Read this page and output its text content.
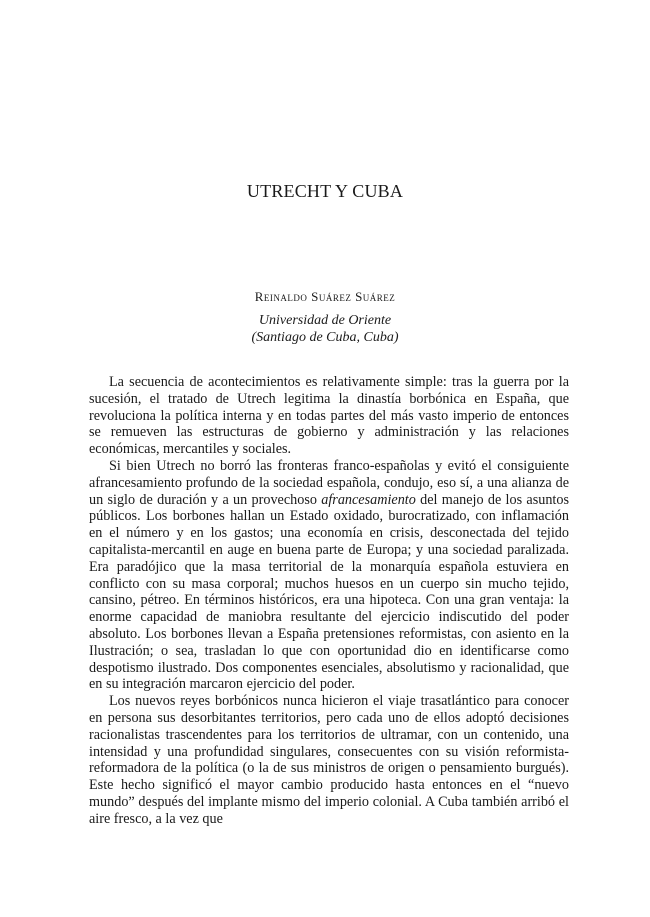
UTRECHT Y CUBA
Reinaldo Suárez Suárez
Universidad de Oriente
(Santiago de Cuba, Cuba)

La secuencia de acontecimientos es relativamente simple: tras la guerra por la sucesión, el tratado de Utrech legitima la dinastía borbónica en España, que revoluciona la política interna y en todas partes del más vasto imperio de entonces se remueven las estructuras de gobierno y administración y las relaciones económicas, mercantiles y sociales.

Si bien Utrech no borró las fronteras franco-españolas y evitó el consiguiente afrancesamiento profundo de la sociedad española, condujo, eso sí, a una alianza de un siglo de duración y a un provechoso afrancesamiento del manejo de los asuntos públicos. Los borbones hallan un Estado oxidado, burocratizado, con inflamación en el número y en los gastos; una economía en crisis, desconectada del tejido capitalista-mercantil en auge en buena parte de Europa; y una sociedad paralizada. Era paradójico que la masa territorial de la monarquía española estuviera en conflicto con su masa corporal; muchos huesos en un cuerpo sin mucho tejido, cansino, pétreo. En términos históricos, era una hipoteca. Con una gran ventaja: la enorme capacidad de maniobra resultante del ejercicio indiscutido del poder absoluto. Los borbones llevan a España pretensiones reformistas, con asiento en la Ilustración; o sea, trasladan lo que con oportunidad dio en identificarse como despotismo ilustrado. Dos componentes esenciales, absolutismo y racionalidad, que en su integración marcaron ejercicio del poder.

Los nuevos reyes borbónicos nunca hicieron el viaje trasatlántico para conocer en persona sus desorbitantes territorios, pero cada uno de ellos adoptó decisiones racionalistas trascendentes para los territorios de ultramar, con un contenido, una intensidad y una profundidad singulares, consecuentes con su visión reformista-reformadora de la política (o la de sus ministros de origen o pensamiento burgués). Este hecho significó el mayor cambio producido hasta entonces en el “nuevo mundo” después del implante mismo del imperio colonial. A Cuba también arribó el aire fresco, a la vez que
